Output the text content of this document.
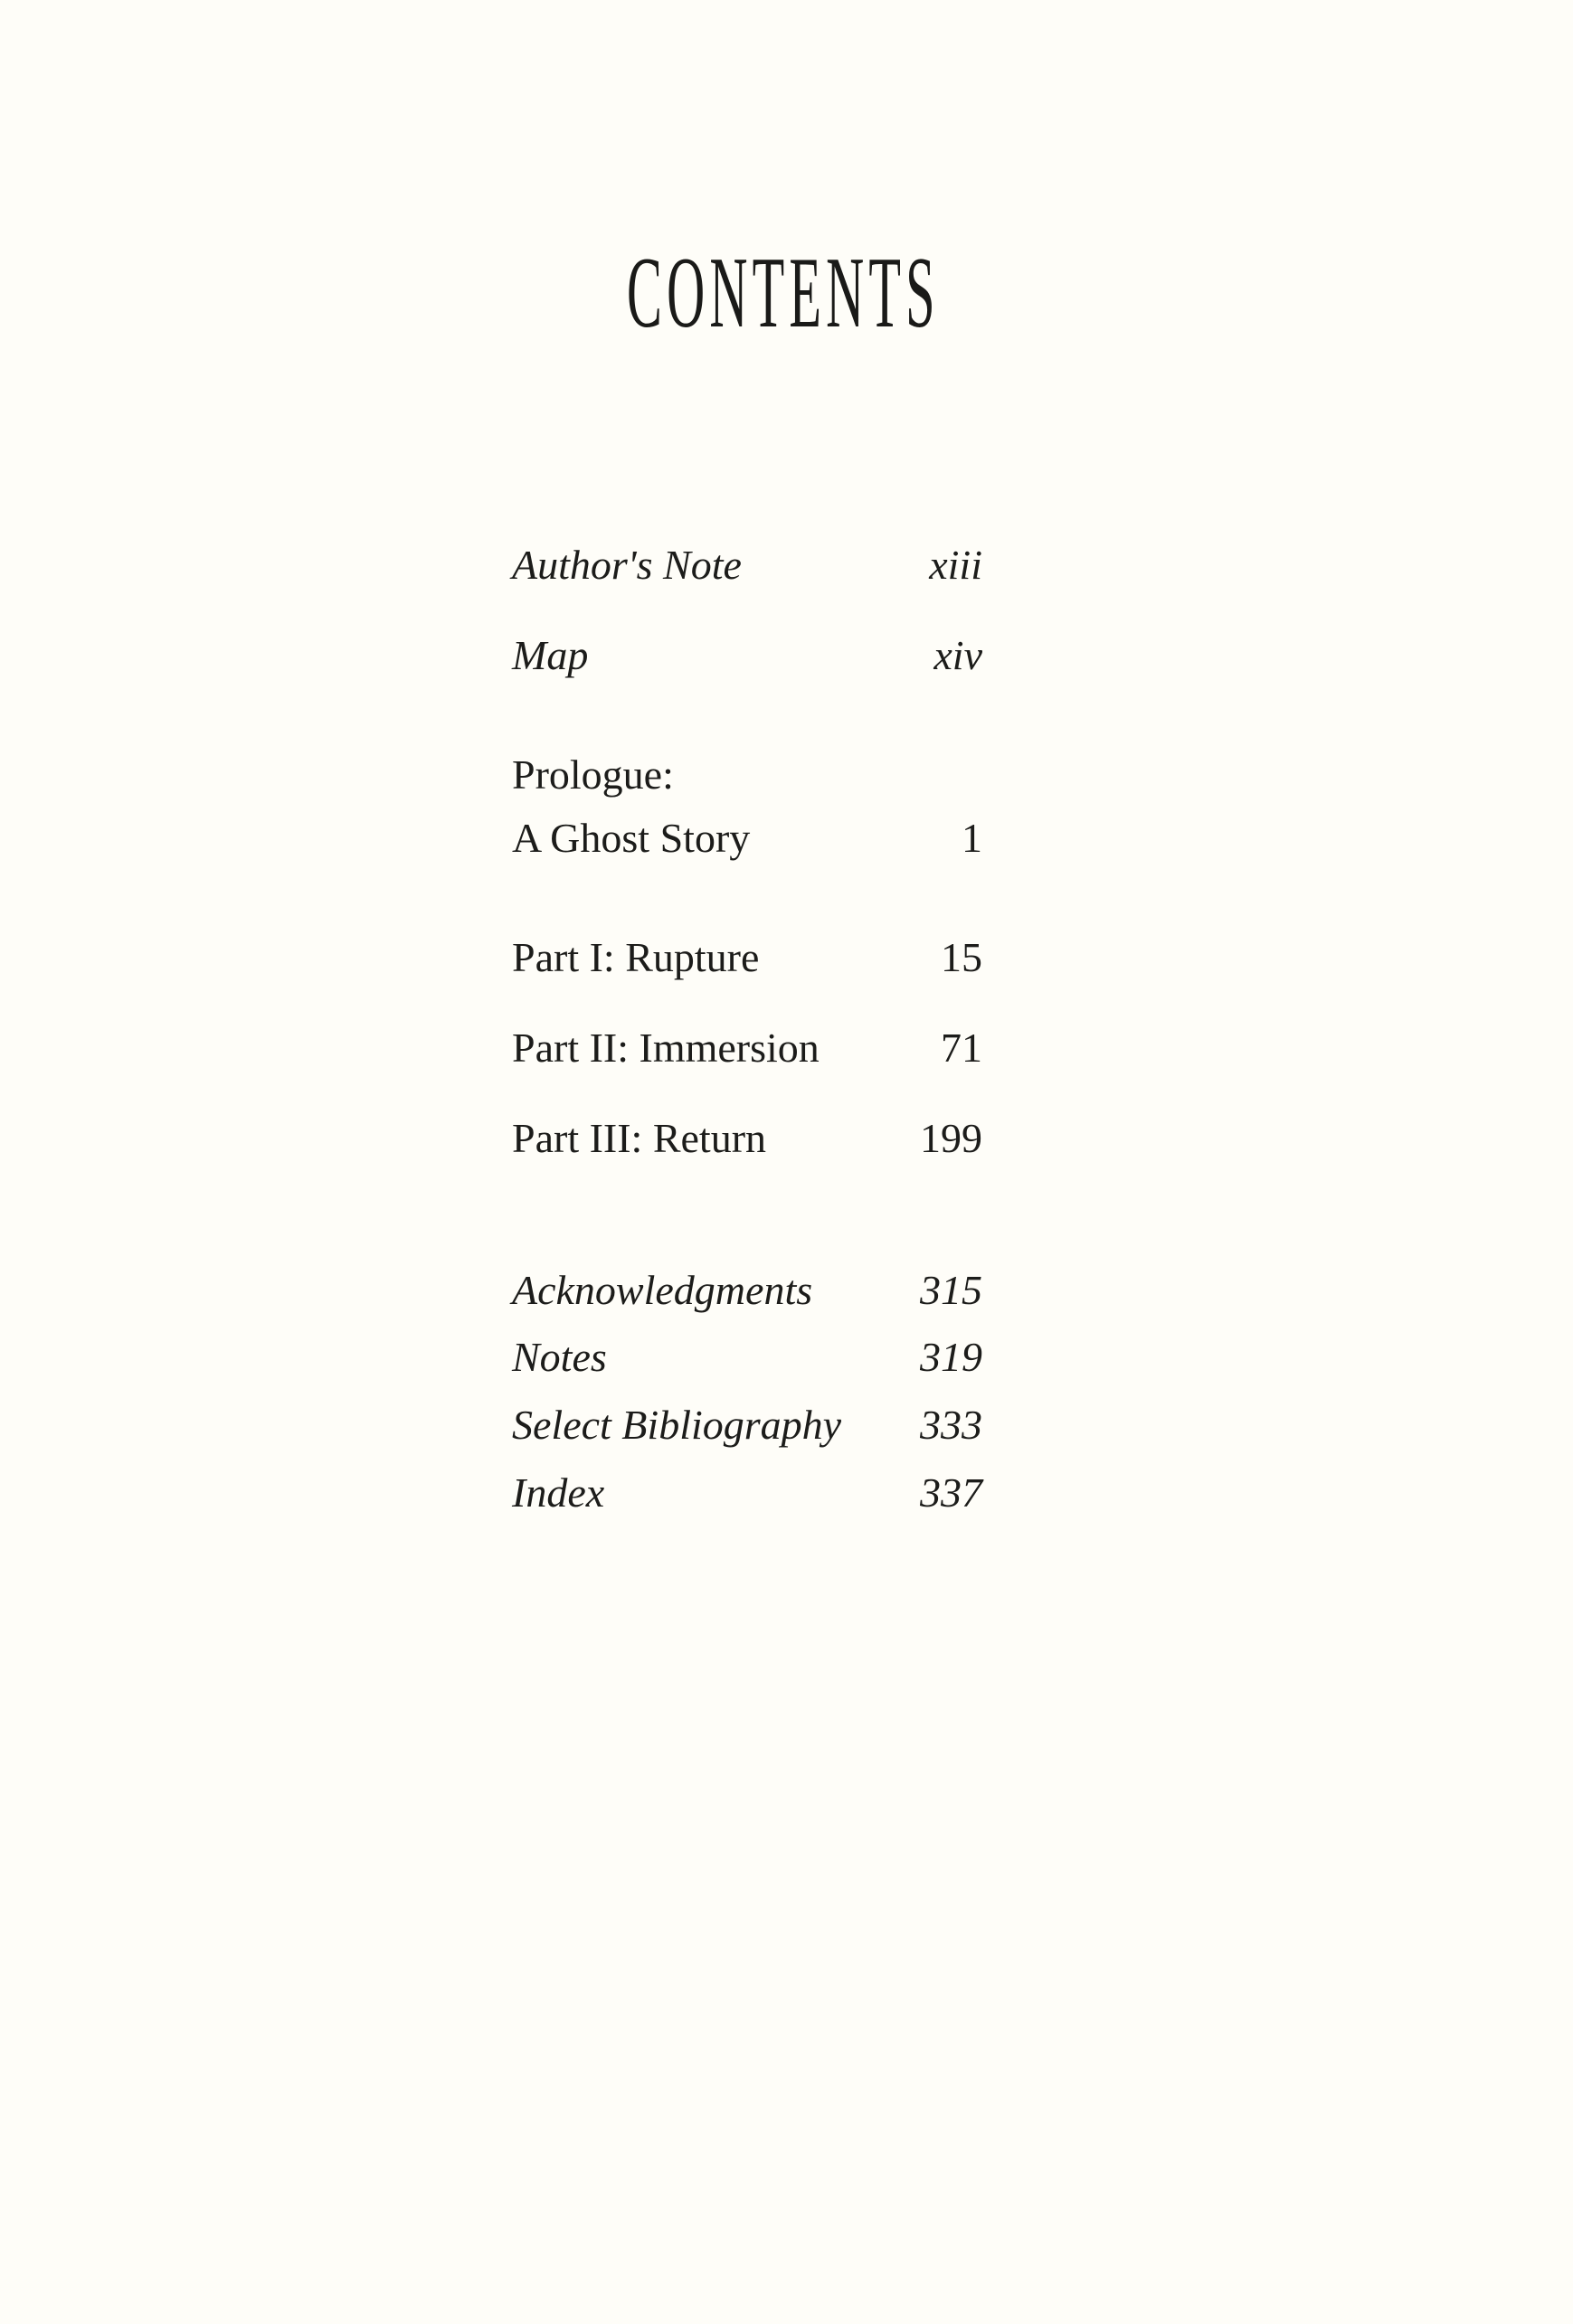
CONTENTS
Author's Note	xiii
Map	xiv
Prologue:
A Ghost Story	1
Part I: Rupture	15
Part II: Immersion	71
Part III: Return	199
Acknowledgments	315
Notes	319
Select Bibliography 333
Index	337
